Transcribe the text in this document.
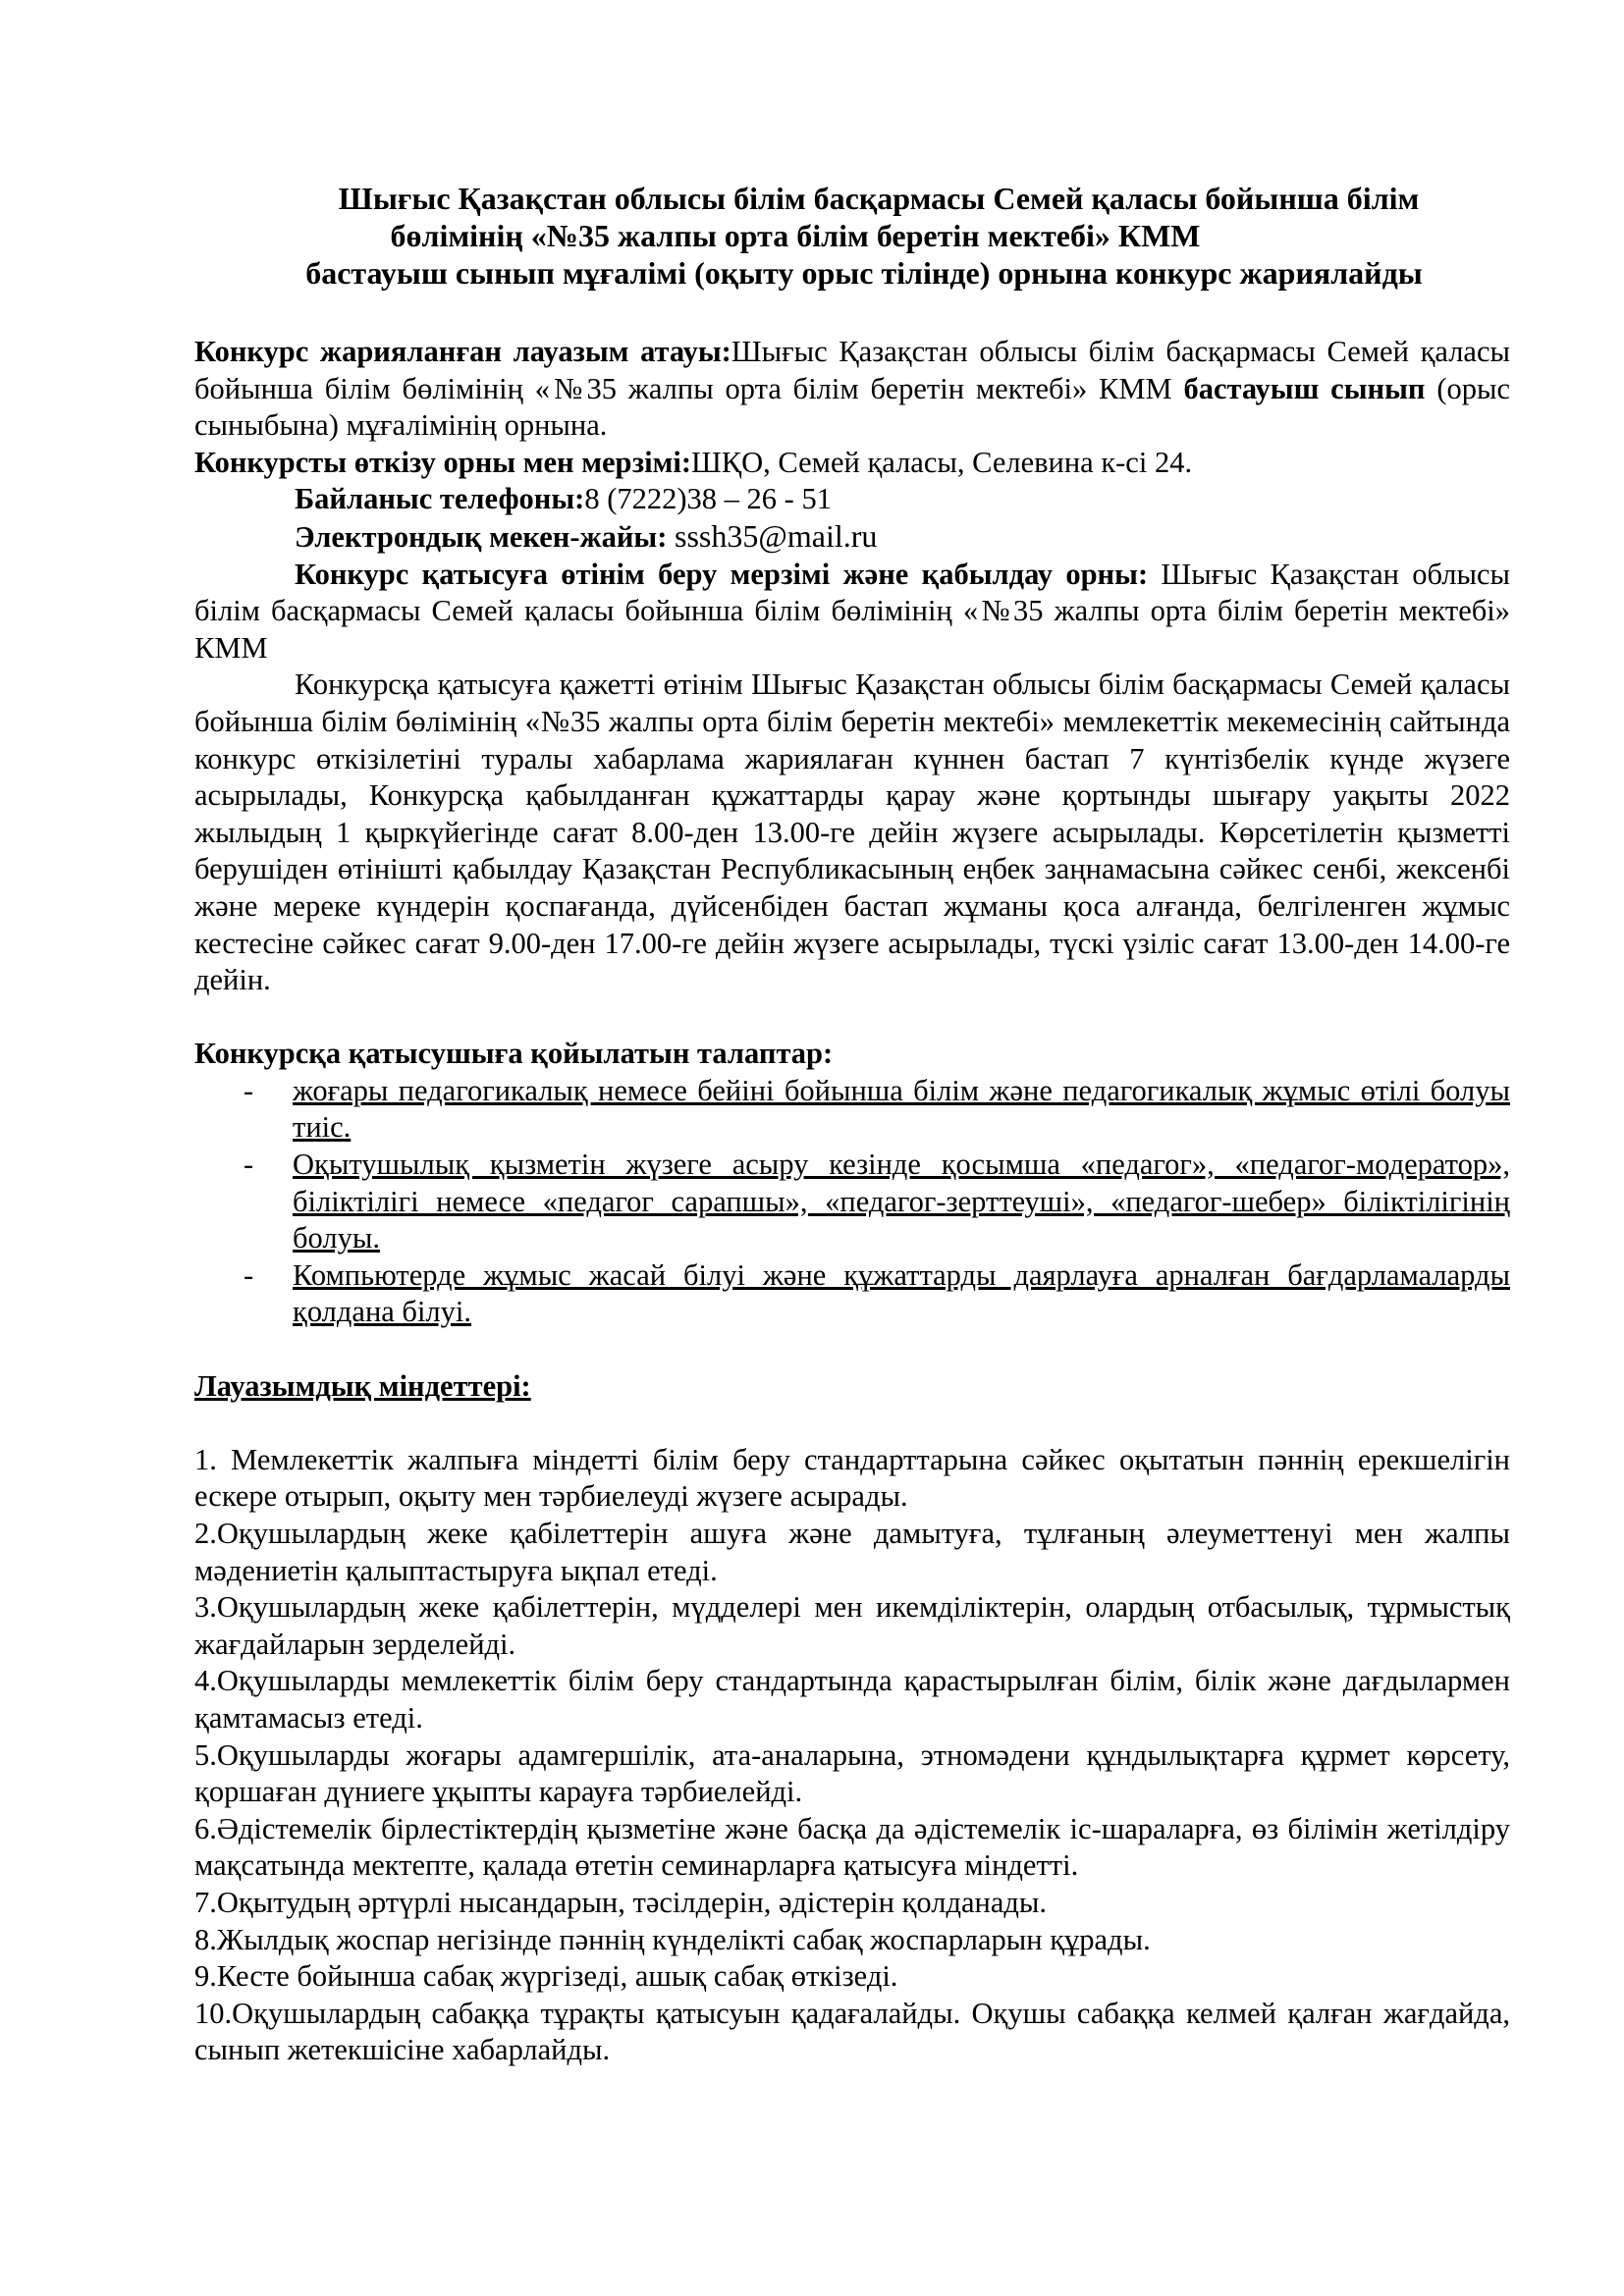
Шығыс Қазақстан облысы білім басқармасы Семей қаласы бойынша білім
бөлімінің «№35 жалпы орта білім беретін мектебі» КММ
бастауыш сынып мұғалімі (оқыту орыс тілінде) орнына конкурс жариялайды

Конкурс жарияланған лауазым атауы:Шығыс Қазақстан облысы білім басқармасы Семей қаласы бойынша білім бөлімінің «№35 жалпы орта білім беретін мектебі» КММ бастауыш сынып (орыс сыныбына) мұғалімінің орнына.

Конкурсты өткізу орны мен мерзімі:ШҚО, Семей қаласы, Селевина к-сі 24.

Байланыс телефоны:8 (7222)38 – 26 - 51

Электрондық мекен-жайы: sssh35@mail.ru

Конкурс қатысуға өтінім беру мерзімі және қабылдау орны: Шығыс Қазақстан облысы білім басқармасы Семей қаласы бойынша білім бөлімінің «№35 жалпы орта білім беретін мектебі» КММ

Конкурсқа қатысуға қажетті өтінім Шығыс Қазақстан облысы білім басқармасы Семей қаласы бойынша білім бөлімінің «№35 жалпы орта білім беретін мектебі» мемлекеттік мекемесінің сайтында конкурс өткізілетіні туралы хабарлама жариялаған күннен бастап 7 күнтізбелік күнде жүзеге асырылады, Конкурсқа қабылданған құжаттарды қарау және қортынды шығару уақыты 2022 жылыдың 1 қыркүйегінде сағат 8.00-ден 13.00-ге дейін жүзеге асырылады. Көрсетілетін қызметті берушіден өтінішті қабылдау Қазақстан Республикасының еңбек заңнамасына сәйкес сенбі, жексенбі және мереке күндерін қоспағанда, дүйсенбіден бастап жұманы қоса алғанда, белгіленген жұмыс кестесіне сәйкес сағат 9.00-ден 17.00-ге дейін жүзеге асырылады, түскі үзіліс сағат 13.00-ден 14.00-ге дейін.

Конкурсқа қатысушыға қойылатын талаптар:

- жоғары педагогикалық немесе бейіні бойынша білім және педагогикалық жұмыс өтілі болуы тиіс.
- Оқытушылық қызметін жүзеге асыру кезінде қосымша «педагог», «педагог-модератор», біліктілігі немесе «педагог сарапшы», «педагог-зерттеуші», «педагог-шебер» біліктілігінің болуы.
- Компьютерде жұмыс жасай білуі және құжаттарды даярлауға арналған бағдарламаларды қолдана білуі.

Лауазымдық міндеттері:

1. Мемлекеттік жалпыға міндетті білім беру стандарттарына сәйкес оқытатын пәннің ерекшелігін ескере отырып, оқыту мен тәрбиелеуді жүзеге асырады.

2.Оқушылардың жеке қабілеттерін ашуға және дамытуға, тұлғаның әлеуметтенуі мен жалпы мәдениетін қалыптастыруға ықпал етеді.

3.Оқушылардың жеке қабілеттерін, мүдделері мен икемділіктерін, олардың отбасылық, тұрмыстық жағдайларын зерделейді.

4.Оқушыларды мемлекеттік білім беру стандартында қарастырылған білім, білік және дағдылармен қамтамасыз етеді.

5.Оқушыларды жоғары адамгершілік, ата-аналарына, этномәдени құндылықтарға құрмет көрсету, қоршаған дүниеге ұқыпты карауға тәрбиелейді.

6.Әдістемелік бірлестіктердің қызметіне және басқа да әдістемелік іс-шараларға, өз білімін жетілдіру мақсатында мектепте, қалада өтетін семинарларға қатысуға міндетті.

7.Оқытудың әртүрлі нысандарын, тәсілдерін, әдістерін қолданады.

8.Жылдық жоспар негізінде пәннің күнделікті сабақ жоспарларын құрады.

9.Кесте бойынша сабақ жүргізеді, ашық сабақ өткізеді.

10.Оқушылардың сабаққа тұрақты қатысуын қадағалайды. Оқушы сабаққа келмей қалған жағдайда, сынып жетекшісіне хабарлайды.
